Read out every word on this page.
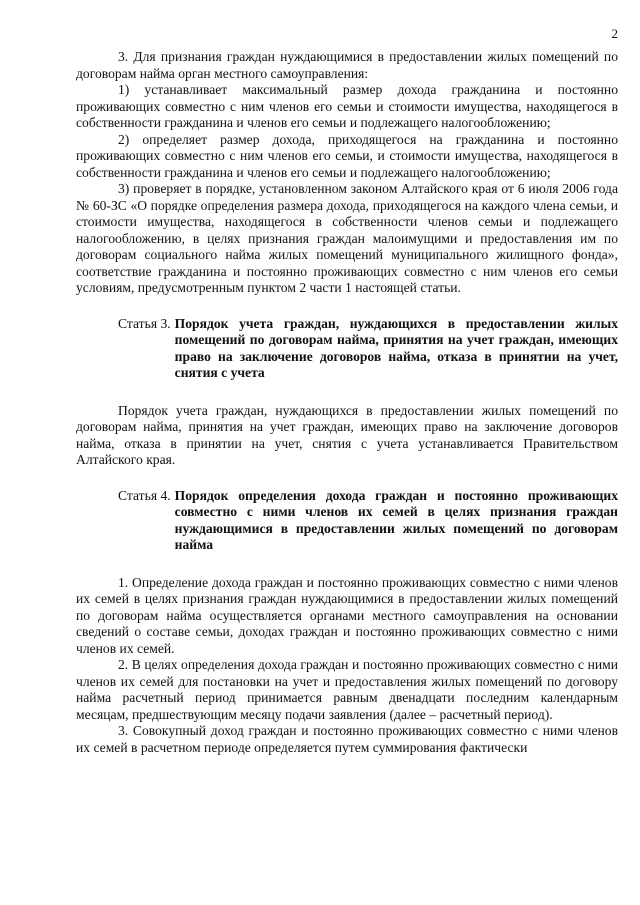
2

3. Для признания граждан нуждающимися в предоставлении жилых помещений по договорам найма орган местного самоуправления:

1) устанавливает максимальный размер дохода гражданина и постоянно проживающих совместно с ним членов его семьи и стоимости имущества, находящегося в собственности гражданина и членов его семьи и подлежащего налогообложению;

2) определяет размер дохода, приходящегося на гражданина и постоянно проживающих совместно с ним членов его семьи, и стоимости имущества, находящегося в собственности гражданина и членов его семьи и подлежащего налогообложению;

3) проверяет в порядке, установленном законом Алтайского края от 6 июля 2006 года № 60-ЗС «О порядке определения размера дохода, приходящегося на каждого члена семьи, и стоимости имущества, находящегося в собственности членов семьи и подлежащего налогообложению, в целях признания граждан малоимущими и предоставления им по договорам социального найма жилых помещений муниципального жилищного фонда», соответствие гражданина и постоянно проживающих совместно с ним членов его семьи условиям, предусмотренным пунктом 2 части 1 настоящей статьи.

Статья 3. Порядок учета граждан, нуждающихся в предоставлении жилых помещений по договорам найма, принятия на учет граждан, имеющих право на заключение договоров найма, отказа в принятии на учет, снятия с учета

Порядок учета граждан, нуждающихся в предоставлении жилых помещений по договорам найма, принятия на учет граждан, имеющих право на заключение договоров найма, отказа в принятии на учет, снятия с учета устанавливается Правительством Алтайского края.

Статья 4. Порядок определения дохода граждан и постоянно проживающих совместно с ними членов их семей в целях признания граждан нуждающимися в предоставлении жилых помещений по договорам найма

1. Определение дохода граждан и постоянно проживающих совместно с ними членов их семей в целях признания граждан нуждающимися в предоставлении жилых помещений по договорам найма осуществляется органами местного самоуправления на основании сведений о составе семьи, доходах граждан и постоянно проживающих совместно с ними членов их семей.

2. В целях определения дохода граждан и постоянно проживающих совместно с ними членов их семей для постановки на учет и предоставления жилых помещений по договору найма расчетный период принимается равным двенадцати последним календарным месяцам, предшествующим месяцу подачи заявления (далее – расчетный период).

3. Совокупный доход граждан и постоянно проживающих совместно с ними членов их семей в расчетном периоде определяется путем суммирования фактически
